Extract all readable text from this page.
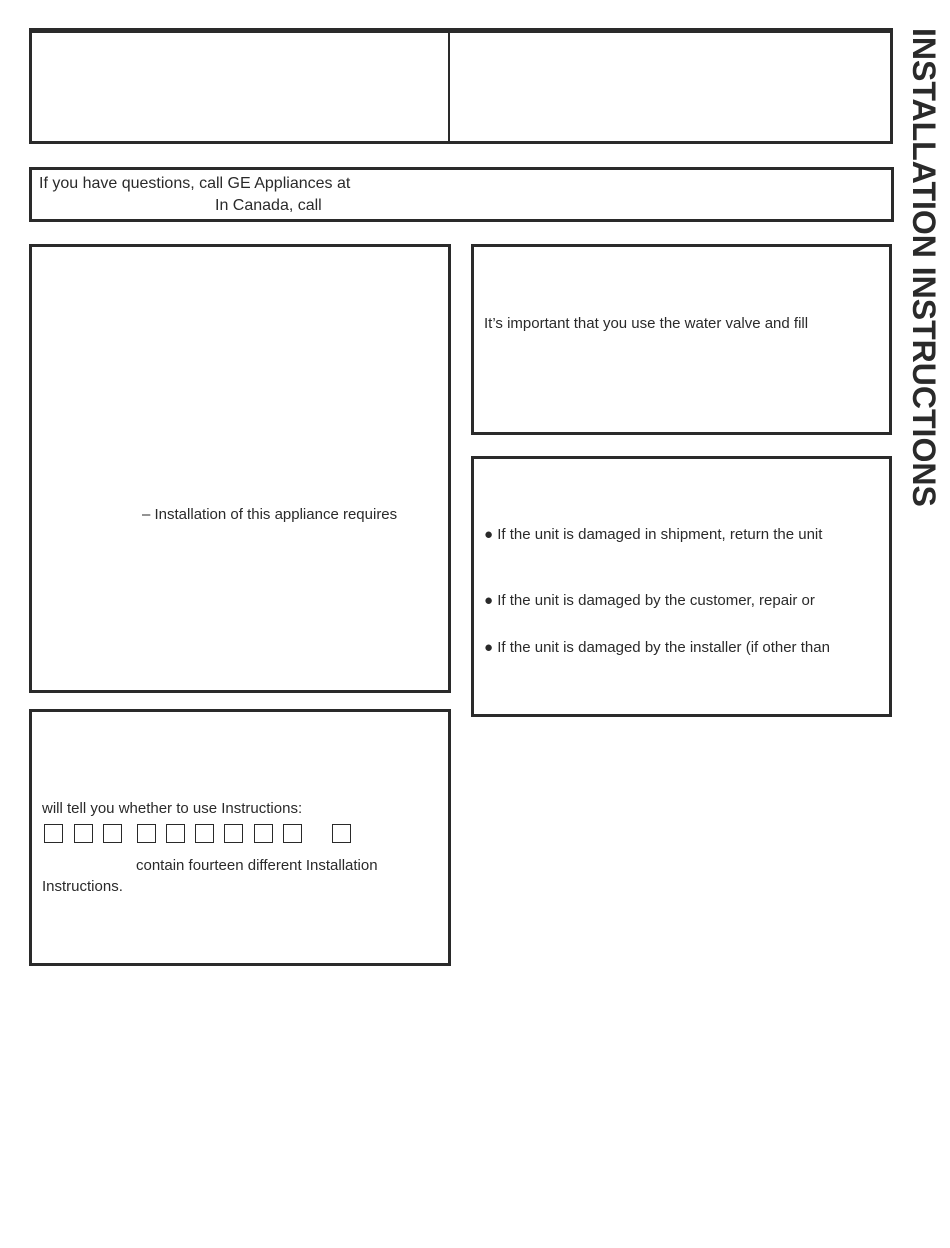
INSTALLATION INSTRUCTIONS
If you have questions, call GE Appliances at
In Canada, call
– Installation of this appliance requires
It’s important that you use the water valve and fill
● If the unit is damaged in shipment, return the unit
● If the unit is damaged by the customer, repair or
● If the unit is damaged by the installer (if other than
will tell you whether to use Instructions:
contain fourteen different Installation
Instructions.
